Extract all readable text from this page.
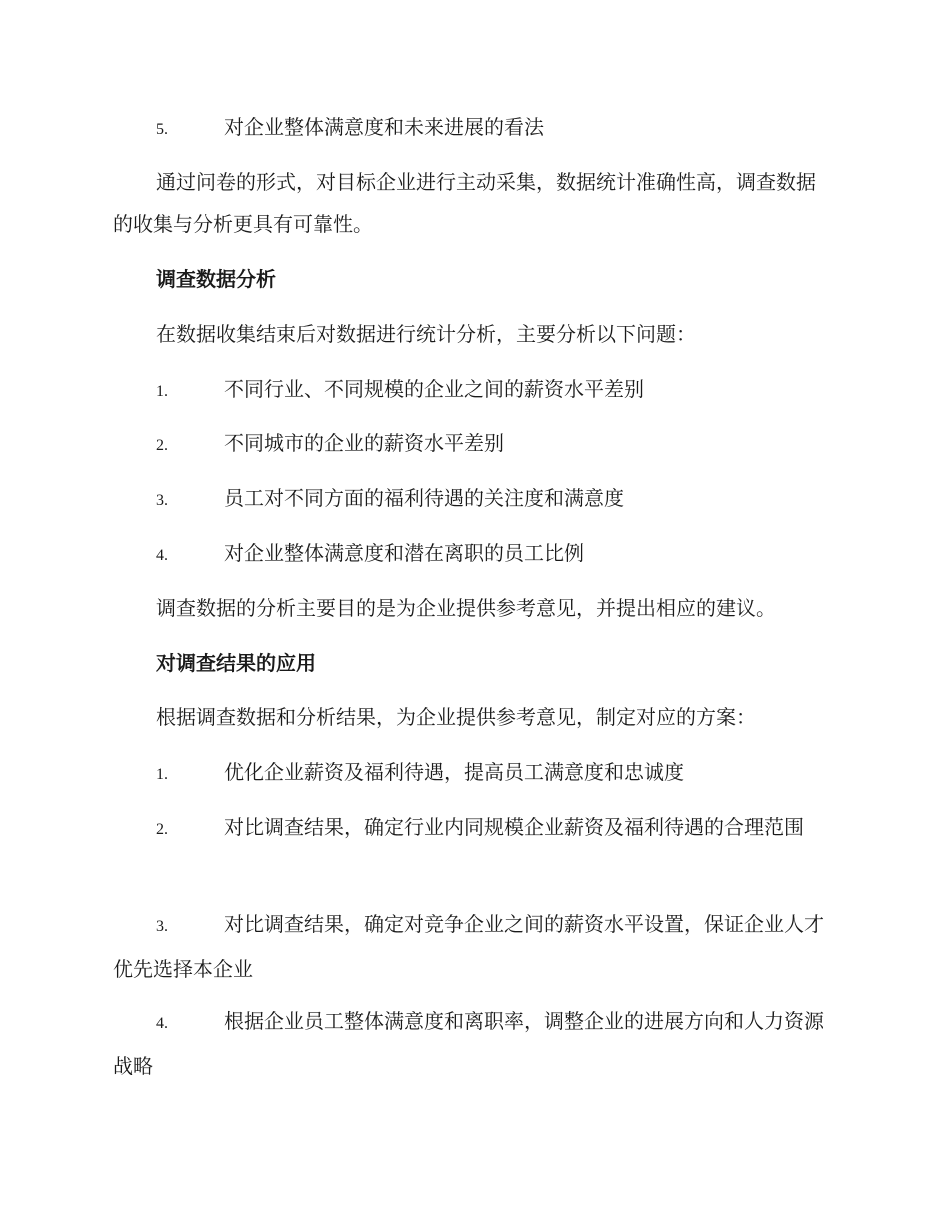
5.	对企业整体满意度和未来进展的看法

通过问卷的形式，对目标企业进行主动采集，数据统计准确性高，调查数据的收集与分析更具有可靠性。

调查数据分析

在数据收集结束后对数据进行统计分析，主要分析以下问题：

1.	不同行业、不同规模的企业之间的薪资水平差别

2.	不同城市的企业的薪资水平差别

3.	员工对不同方面的福利待遇的关注度和满意度

4.	对企业整体满意度和潜在离职的员工比例

调查数据的分析主要目的是为企业提供参考意见，并提出相应的建议。

对调查结果的应用

根据调查数据和分析结果，为企业提供参考意见，制定对应的方案：

1.	优化企业薪资及福利待遇，提高员工满意度和忠诚度

2.	对比调查结果，确定行业内同规模企业薪资及福利待遇的合理范围

3.	对比调查结果，确定对竞争企业之间的薪资水平设置，保证企业人才优先选择本企业

4.	根据企业员工整体满意度和离职率，调整企业的进展方向和人力资源战略
